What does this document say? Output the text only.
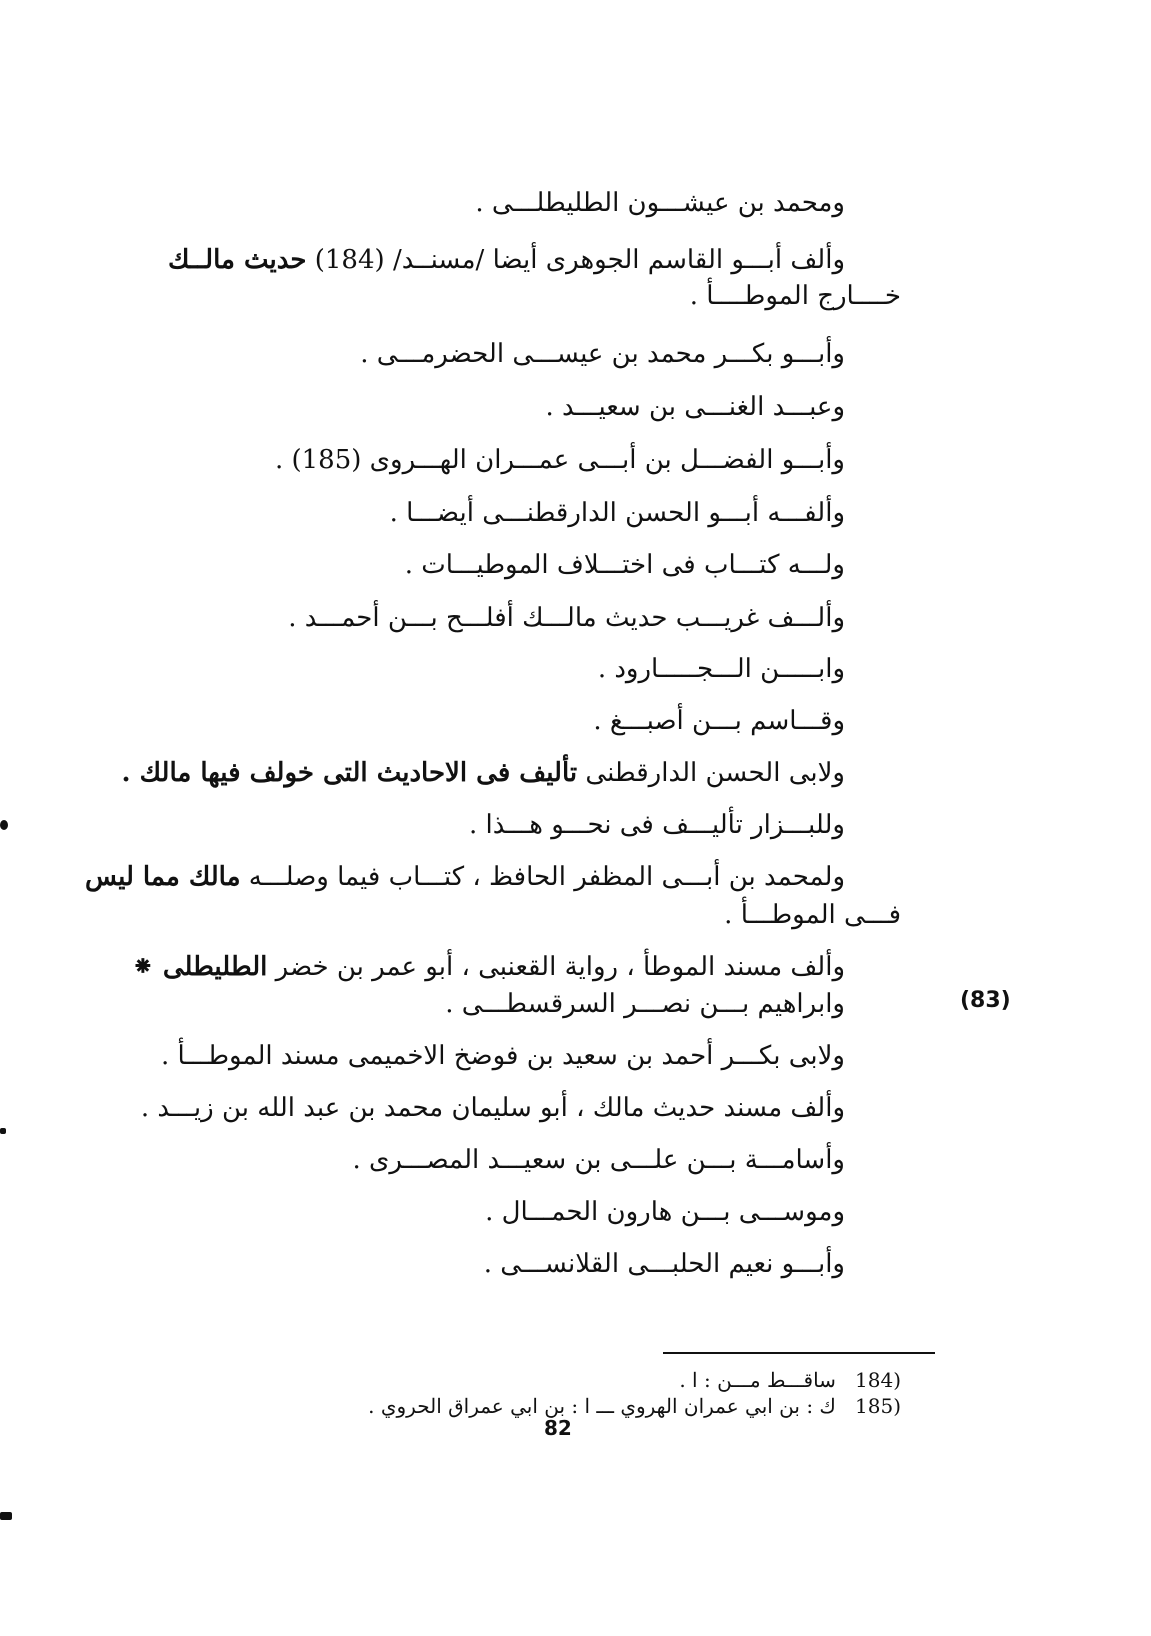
ومحمد بن عيشـــون الطليطلـــى .
وألف أبـــو القاسم الجوهرى أيضا /مسنــد/ (184) حديث مالــك
خــــارج الموطــــأ .
وأبـــو بكـــر محمد بن عيســـى الحضرمـــى .
وعبـــد الغنـــى بن سعيـــد .
وأبـــو الفضـــل بن أبـــى عمـــران الهـــروى (185) .
وألفـــه أبـــو الحسن الدارقطنـــى أيضـــا .
ولـــه كتـــاب فى اختـــلاف الموطيـــات .
وألـــف غريـــب حديث مالـــك أفلـــح بـــن أحمـــد .
وابـــــن الـــجـــــارود .
وقـــاسم بـــن أصبـــغ .
ولابى الحسن الدارقطنى تأليف فى الاحاديث التى خولف فيها مالك .
وللبـــزار تأليـــف فى نحـــو هـــذا .
ولمحمد بن أبـــى المظفر الحافظ ، كتـــاب فيما وصلـــه مالك مما ليس
فـــى الموطـــأ .
(83)
وألف مسند الموطأ ، رواية القعنبى ، أبو عمر بن خضر الطليطلى ⁕
وابراهيم بـــن نصـــر السرقسطـــى .
ولابى بكـــر أحمد بن سعيد بن فوضخ الاخميمى مسند الموطـــأ .
وألف مسند حديث مالك ، أبو سليمان محمد بن عبد الله بن زيـــد .
وأسامـــة بـــن علـــى بن سعيـــد المصـــرى .
وموســـى بـــن هارون الحمـــال .
وأبـــو نعيم الحلبـــى القلانســـى .
(184   ساقـــط مـــن : ا .
(185   ك : بن ابي عمران الهروي ـــ ا : بن ابي عمراق الحروي .
82
